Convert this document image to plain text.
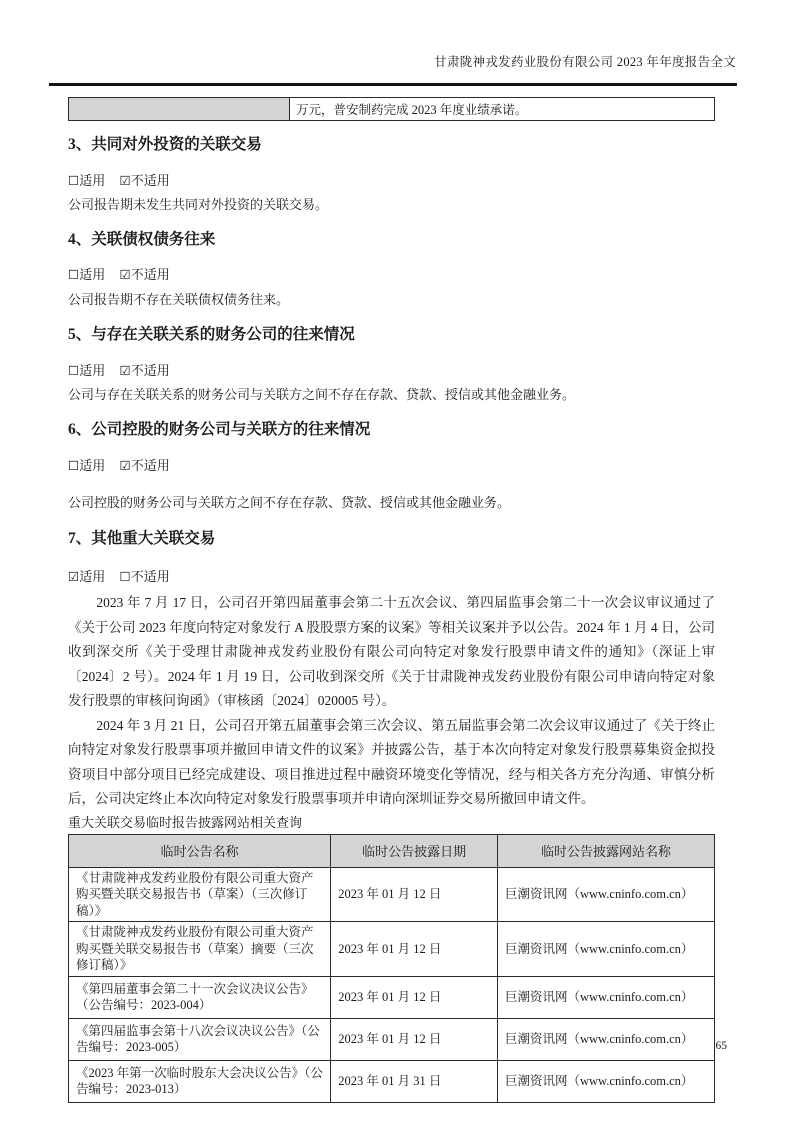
甘肃陇神戎发药业股份有限公司 2023 年年度报告全文
	万元，普安制药完成 2023 年度业绩承诺。
3、共同对外投资的关联交易
☐适用 ☑不适用
公司报告期未发生共同对外投资的关联交易。
4、关联债权债务往来
☐适用 ☑不适用
公司报告期不存在关联债权债务往来。
5、与存在关联关系的财务公司的往来情况
☐适用 ☑不适用
公司与存在关联关系的财务公司与关联方之间不存在存款、贷款、授信或其他金融业务。
6、公司控股的财务公司与关联方的往来情况
☐适用 ☑不适用
公司控股的财务公司与关联方之间不存在存款、贷款、授信或其他金融业务。
7、其他重大关联交易
☑适用 ☐不适用

2023 年 7 月 17 日，公司召开第四届董事会第二十五次会议、第四届监事会第二十一次会议审议通过了《关于公司 2023 年度向特定对象发行 A 股股票方案的议案》等相关议案并予以公告。2024 年 1 月 4 日，公司收到深交所《关于受理甘肃陇神戎发药业股份有限公司向特定对象发行股票申请文件的通知》（深证上审〔2024〕2 号）。2024 年 1 月 19 日，公司收到深交所《关于甘肃陇神戎发药业股份有限公司申请向特定对象发行股票的审核问询函》（审核函〔2024〕020005 号）。

2024 年 3 月 21 日，公司召开第五届董事会第三次会议、第五届监事会第二次会议审议通过了《关于终止向特定对象发行股票事项并撤回申请文件的议案》并披露公告，基于本次向特定对象发行股票募集资金拟投资项目中部分项目已经完成建设、项目推进过程中融资环境变化等情况，经与相关各方充分沟通、审慎分析后，公司决定终止本次向特定对象发行股票事项并申请向深圳证券交易所撤回申请文件。

重大关联交易临时报告披露网站相关查询
临时公告名称	临时公告披露日期	临时公告披露网站名称
《甘肃陇神戎发药业股份有限公司重大资产购买暨关联交易报告书（草案）（三次修订稿）》	2023 年 01 月 12 日	巨潮资讯网（www.cninfo.com.cn）
《甘肃陇神戎发药业股份有限公司重大资产购买暨关联交易报告书（草案）摘要（三次修订稿）》	2023 年 01 月 12 日	巨潮资讯网（www.cninfo.com.cn）
《第四届董事会第二十一次会议决议公告》（公告编号：2023-004）	2023 年 01 月 12 日	巨潮资讯网（www.cninfo.com.cn）
《第四届监事会第十八次会议决议公告》（公告编号：2023-005）	2023 年 01 月 12 日	巨潮资讯网（www.cninfo.com.cn）
《2023 年第一次临时股东大会决议公告》（公告编号：2023-013）	2023 年 01 月 31 日	巨潮资讯网（www.cninfo.com.cn）
65
